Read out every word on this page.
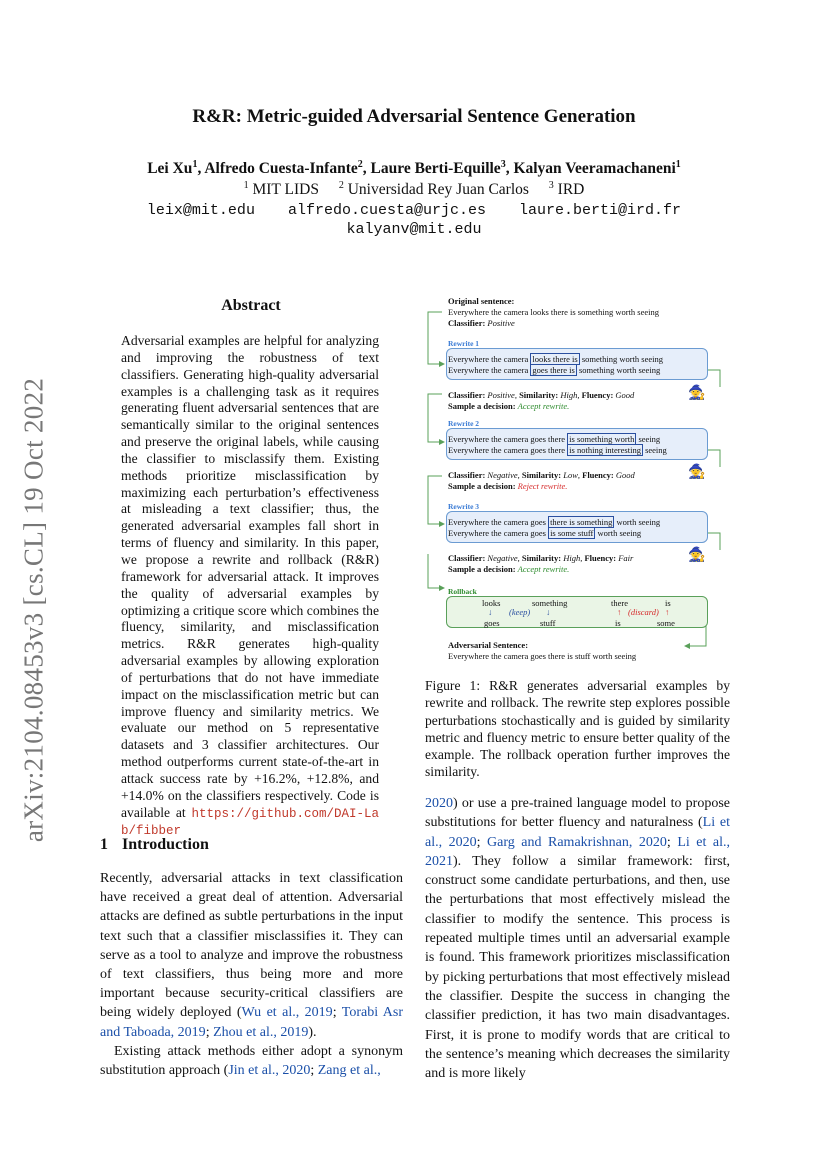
arXiv:2104.08453v3 [cs.CL] 19 Oct 2022
R&R: Metric-guided Adversarial Sentence Generation
Lei Xu$^1$, Alfredo Cuesta-Infante$^2$, Laure Berti-Equille$^3$, Kalyan Veeramachaneni$^1$
$^1$ MIT LIDS $^2$ Universidad Rey Juan Carlos $^3$ IRD
leix@mit.edu alfredo.cuesta@urjc.es laure.berti@ird.fr
kalyanv@mit.edu
Abstract
Adversarial examples are helpful for analyzing and improving the robustness of text classifiers. Generating high-quality adversarial examples is a challenging task as it requires generating fluent adversarial sentences that are semantically similar to the original sentences and preserve the original labels, while causing the classifier to misclassify them. Existing methods prioritize misclassification by maximizing each perturbation’s effectiveness at misleading a text classifier; thus, the generated adversarial examples fall short in terms of fluency and similarity. In this paper, we propose a rewrite and rollback (R&R) framework for adversarial attack. It improves the quality of adversarial examples by optimizing a critique score which combines the fluency, similarity, and misclassification metrics. R&R generates high-quality adversarial examples by allowing exploration of perturbations that do not have immediate impact on the misclassification metric but can improve fluency and similarity metrics. We evaluate our method on 5 representative datasets and 3 classifier architectures. Our method outperforms current state-of-the-art in attack success rate by +16.2%, +12.8%, and +14.0% on the classifiers respectively. Code is available at https://github.com/DAI-Lab/fibber
1 Introduction

Recently, adversarial attacks in text classification have received a great deal of attention. Adversarial attacks are defined as subtle perturbations in the input text such that a classifier misclassifies it. They can serve as a tool to analyze and improve the robustness of text classifiers, thus being more and more important because security-critical classifiers are being widely deployed (Wu et al., 2019; Torabi Asr and Taboada, 2019; Zhou et al., 2019).

Existing attack methods either adopt a synonym substitution approach (Jin et al., 2020; Zang et al.,

2020) or use a pre-trained language model to propose substitutions for better fluency and naturalness (Li et al., 2020; Garg and Ramakrishnan, 2020; Li et al., 2021). They follow a similar framework: first, construct some candidate perturbations, and then, use the perturbations that most effectively mislead the classifier to modify the sentence. This process is repeated multiple times until an adversarial example is found. This framework prioritizes misclassification by picking perturbations that most effectively mislead the classifier. Despite the success in changing the classifier prediction, it has two main disadvantages. First, it is prone to modify words that are critical to the sentence’s meaning which decreases the similarity and is more likely
Figure 1: R&R generates adversarial examples by rewrite and rollback. The rewrite step explores possible perturbations stochastically and is guided by similarity metric and fluency metric to ensure better quality of the example. The rollback operation further improves the similarity.
🧙
🧙
🧙
Original sentence:
Everywhere the camera looks there is something worth seeing
Classifier: Positive
Rewrite 1
Everywhere the camera looks there is something worth seeing
Everywhere the camera goes there is something worth seeing
Classifier: Positive, Similarity: High, Fluency: Good
Sample a decision: Accept rewrite.
Rewrite 2
Everywhere the camera goes there is something worth seeing
Everywhere the camera goes there is nothing interesting seeing
Classifier: Negative, Similarity: Low, Fluency: Good
Sample a decision: Reject rewrite.
Rewrite 3
Everywhere the camera goes there is something worth seeing
Everywhere the camera goes is some stuff worth seeing
Classifier: Negative, Similarity: High, Fluency: Fair
Sample a decision: Accept rewrite.
Rollback
looks	something	there	is
↓ (keep) ↓	↑ (discard) ↑
goes	stuff	is	some
Adversarial Sentence:
Everywhere the camera goes there is stuff worth seeing
